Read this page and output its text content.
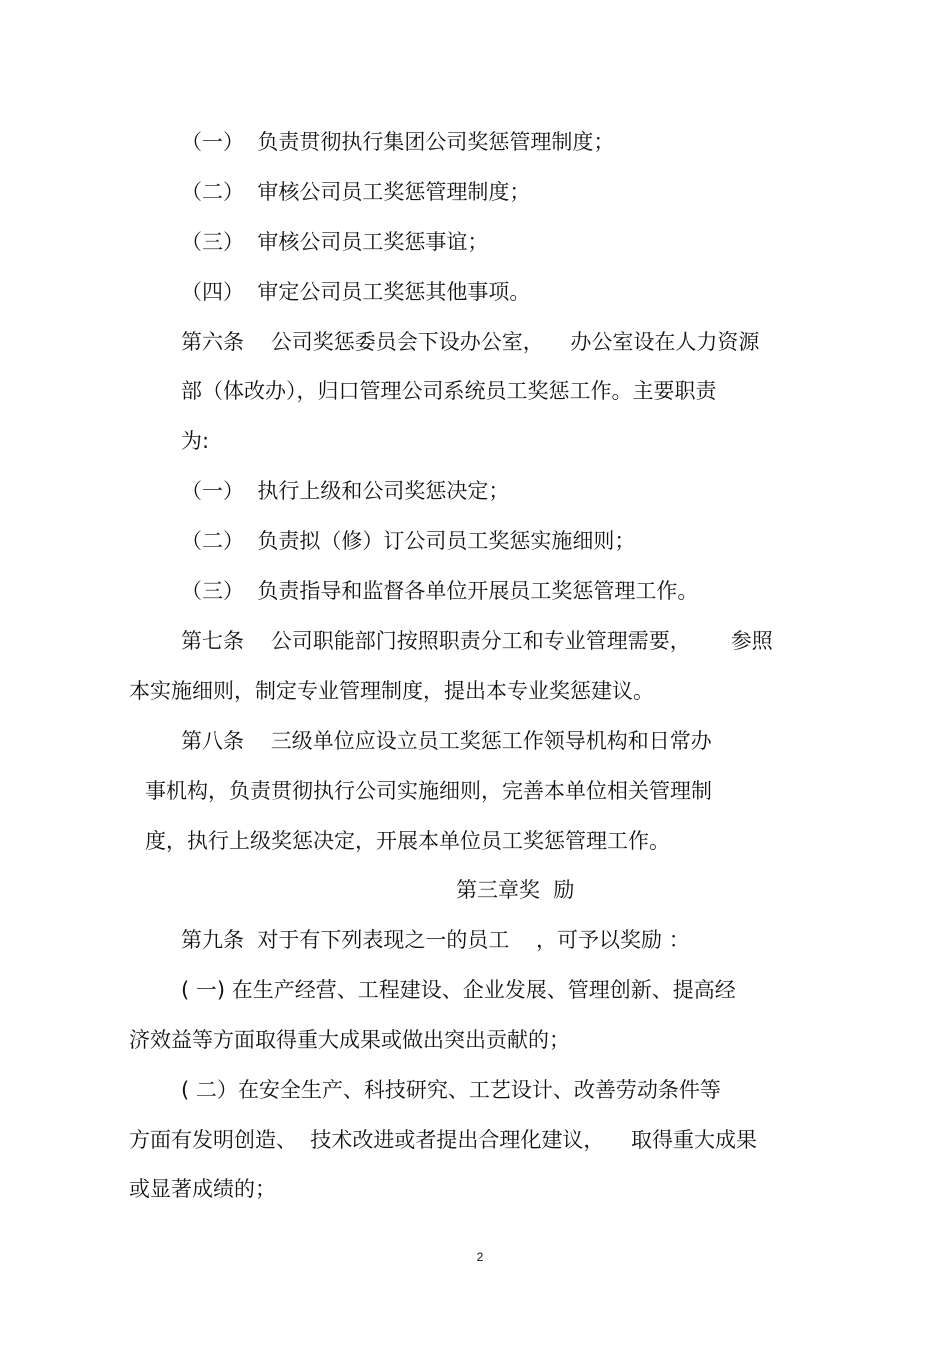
（一）  负责贯彻执行集团公司奖惩管理制度；
（二）  审核公司员工奖惩管理制度；
（三）  审核公司员工奖惩事谊；
（四）  审定公司员工奖惩其他事项。
第六条    公司奖惩委员会下设办公室，    办公室设在人力资源
部（体改办），归口管理公司系统员工奖惩工作。主要职责
为:
（一）  执行上级和公司奖惩决定；
（二）  负责拟（修）订公司员工奖惩实施细则；
（三）  负责指导和监督各单位开展员工奖惩管理工作。
第七条    公司职能部门按照职责分工和专业管理需要，      参照
本实施细则，制定专业管理制度，提出本专业奖惩建议。
第八条    三级单位应设立员工奖惩工作领导机构和日常办
事机构，负责贯彻执行公司实施细则，完善本单位相关管理制
度，执行上级奖惩决定，开展本单位员工奖惩管理工作。
第三章奖  励
第九条  对于有下列表现之一的员工    ，可予以奖励 ：
( 一) 在生产经营、工程建设、企业发展、管理创新、提高经
济效益等方面取得重大成果或做出突出贡献的；
( 二）在安全生产、科技研究、工艺设计、改善劳动条件等
方面有发明创造、  技术改进或者提出合理化建议，    取得重大成果
或显著成绩的；
2
